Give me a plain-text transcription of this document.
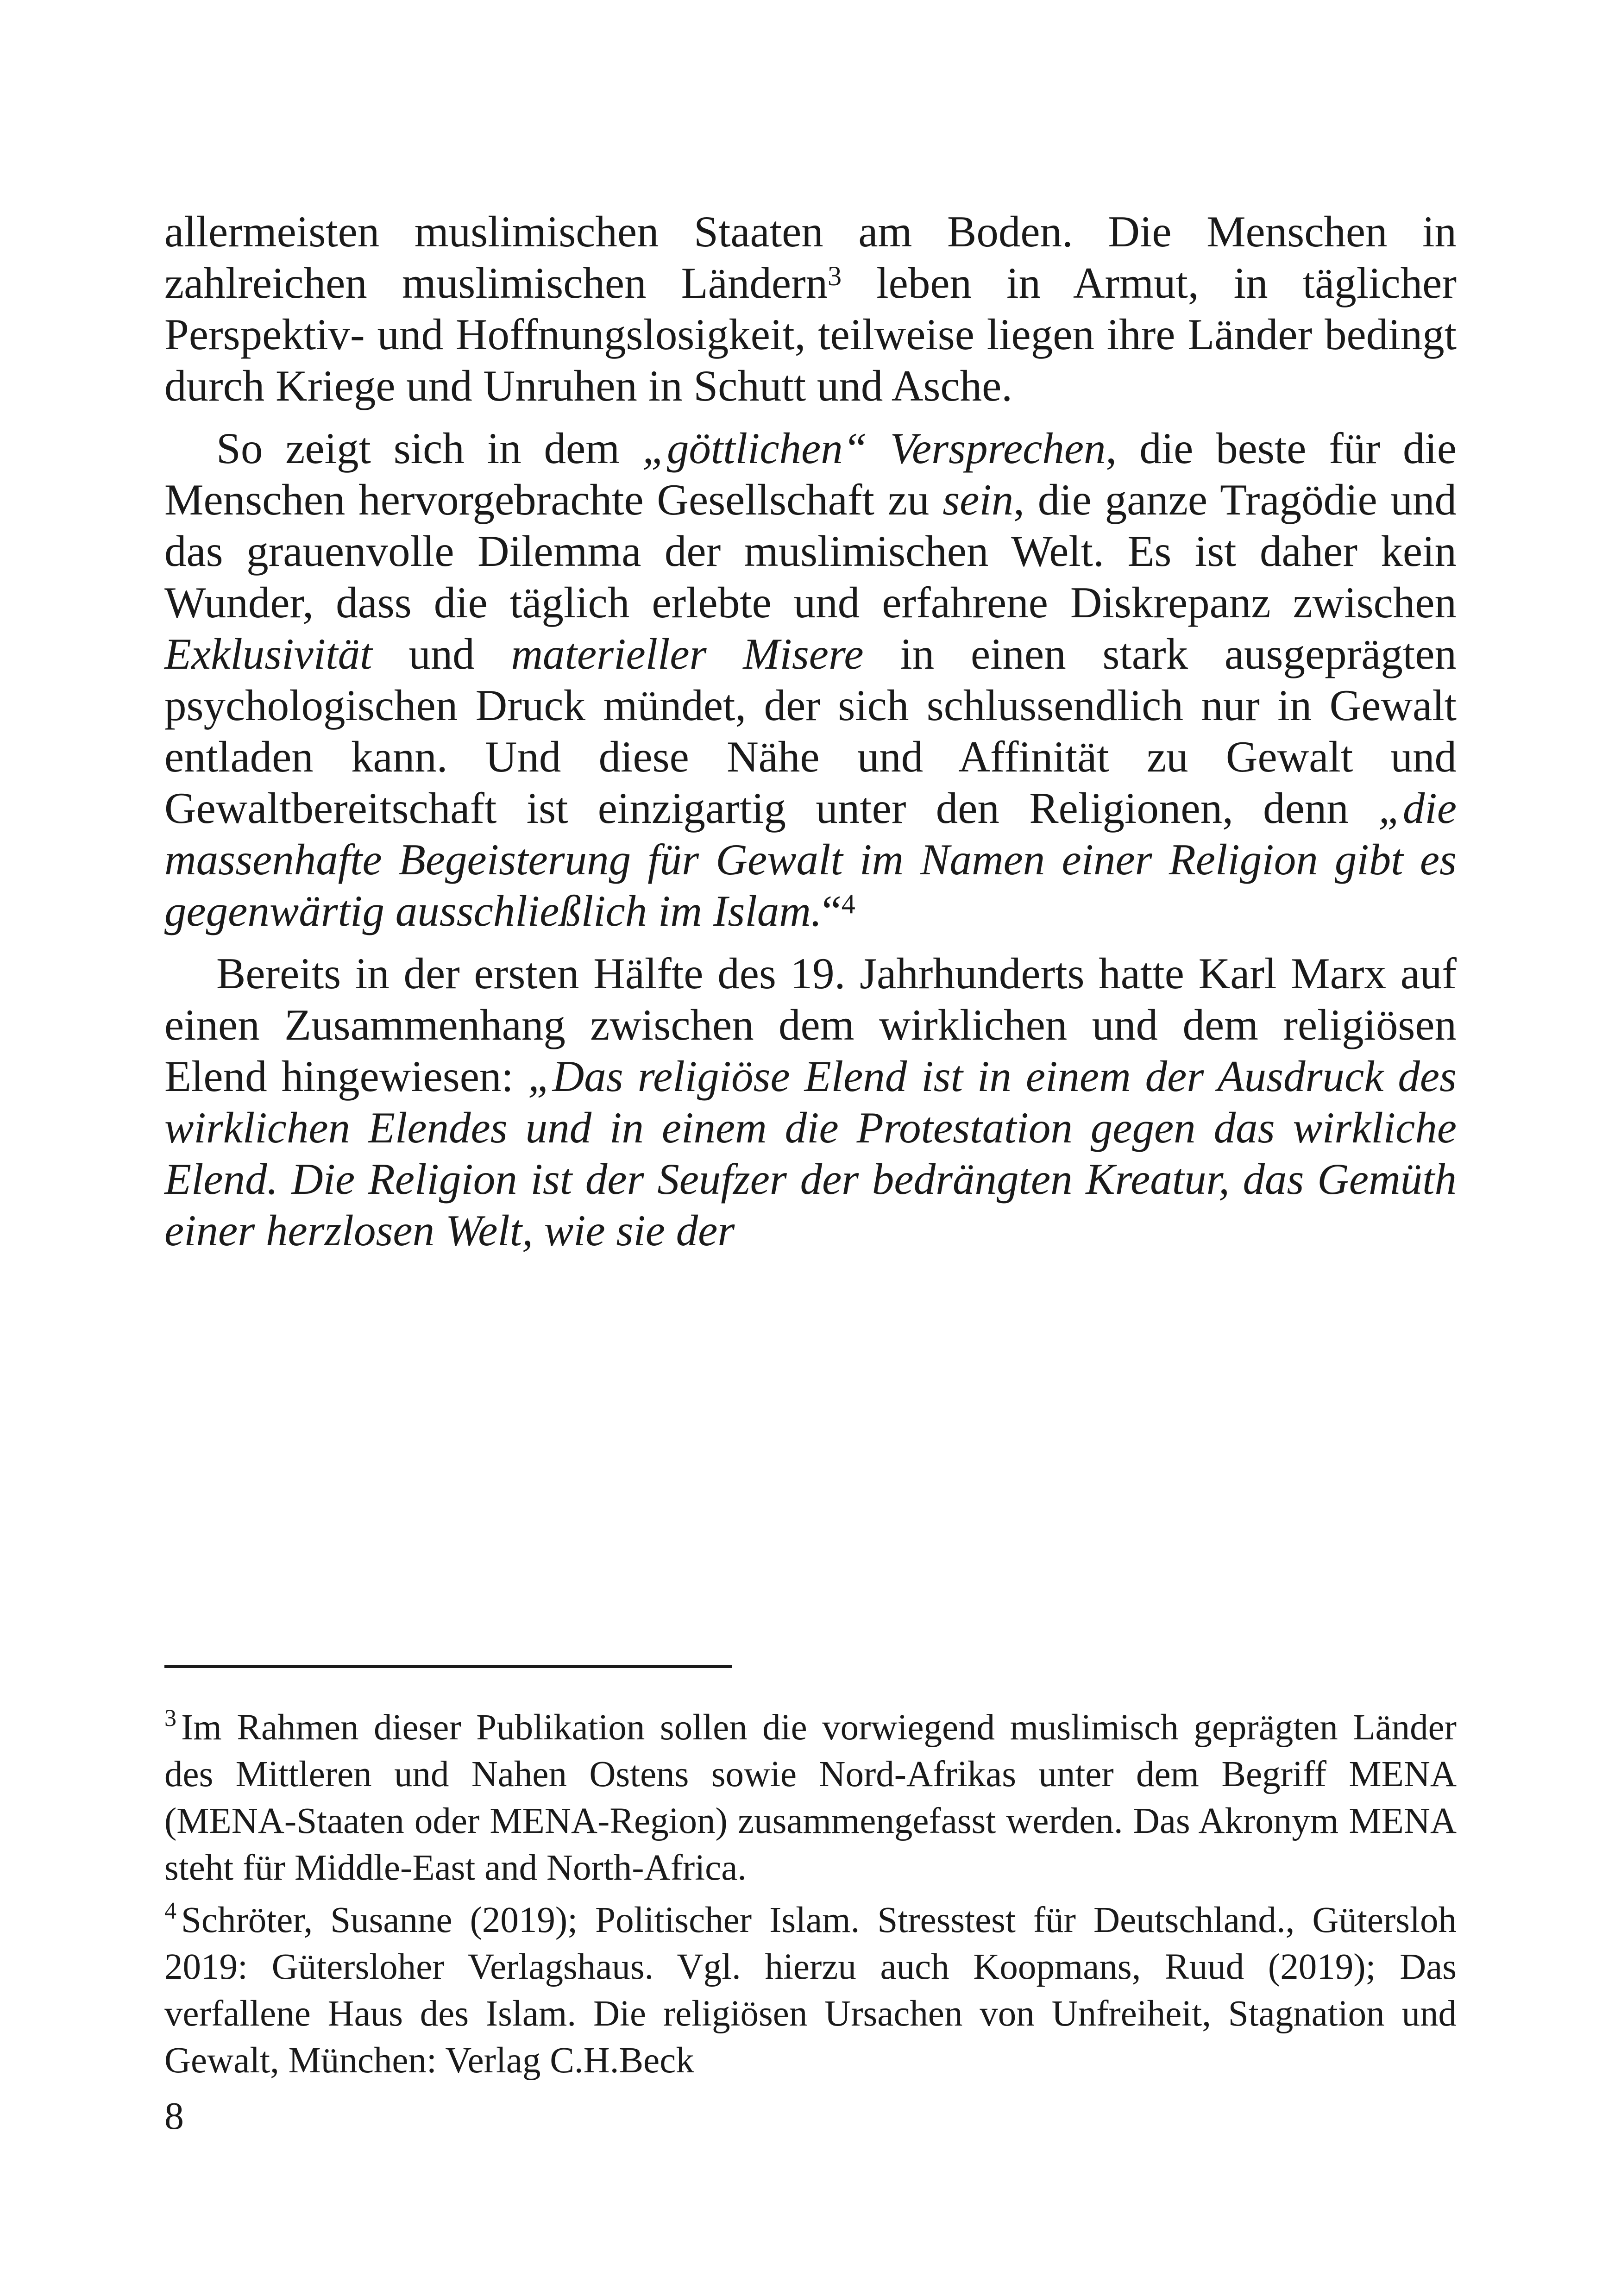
allermeisten muslimischen Staaten am Boden. Die Menschen in zahlreichen muslimischen Ländern$^3$ leben in Armut, in täglicher Perspektiv- und Hoffnungslosigkeit, teilweise liegen ihre Länder bedingt durch Kriege und Unruhen in Schutt und Asche.

So zeigt sich in dem „göttlichen“ Versprechen, die beste für die Menschen hervorgebrachte Gesellschaft zu sein, die ganze Tragödie und das grauenvolle Dilemma der muslimischen Welt. Es ist daher kein Wunder, dass die täglich erlebte und erfahrene Diskrepanz zwischen Exklusivität und materieller Misere in einen stark ausgeprägten psychologischen Druck mündet, der sich schlussendlich nur in Gewalt entladen kann. Und diese Nähe und Affinität zu Gewalt und Gewaltbereitschaft ist einzigartig unter den Religionen, denn „die massenhafte Begeisterung für Gewalt im Namen einer Religion gibt es gegenwärtig ausschließlich im Islam.“$^4$

Bereits in der ersten Hälfte des 19. Jahrhunderts hatte Karl Marx auf einen Zusammenhang zwischen dem wirklichen und dem religiösen Elend hingewiesen: „Das religiöse Elend ist in einem der Ausdruck des wirklichen Elendes und in einem die Protestation gegen das wirkliche Elend. Die Religion ist der Seufzer der bedrängten Kreatur, das Gemüth einer herzlosen Welt, wie sie der

$^3$ Im Rahmen dieser Publikation sollen die vorwiegend muslimisch geprägten Länder des Mittleren und Nahen Ostens sowie Nord-Afrikas unter dem Begriff MENA (MENA-Staaten oder MENA-Region) zusammengefasst werden. Das Akronym MENA steht für Middle-East and North-Africa.

$^4$ Schröter, Susanne (2019); Politischer Islam. Stresstest für Deutschland., Gütersloh 2019: Gütersloher Verlagshaus. Vgl. hierzu auch Koopmans, Ruud (2019); Das verfallene Haus des Islam. Die religiösen Ursachen von Unfreiheit, Stagnation und Gewalt, München: Verlag C.H.Beck

8
